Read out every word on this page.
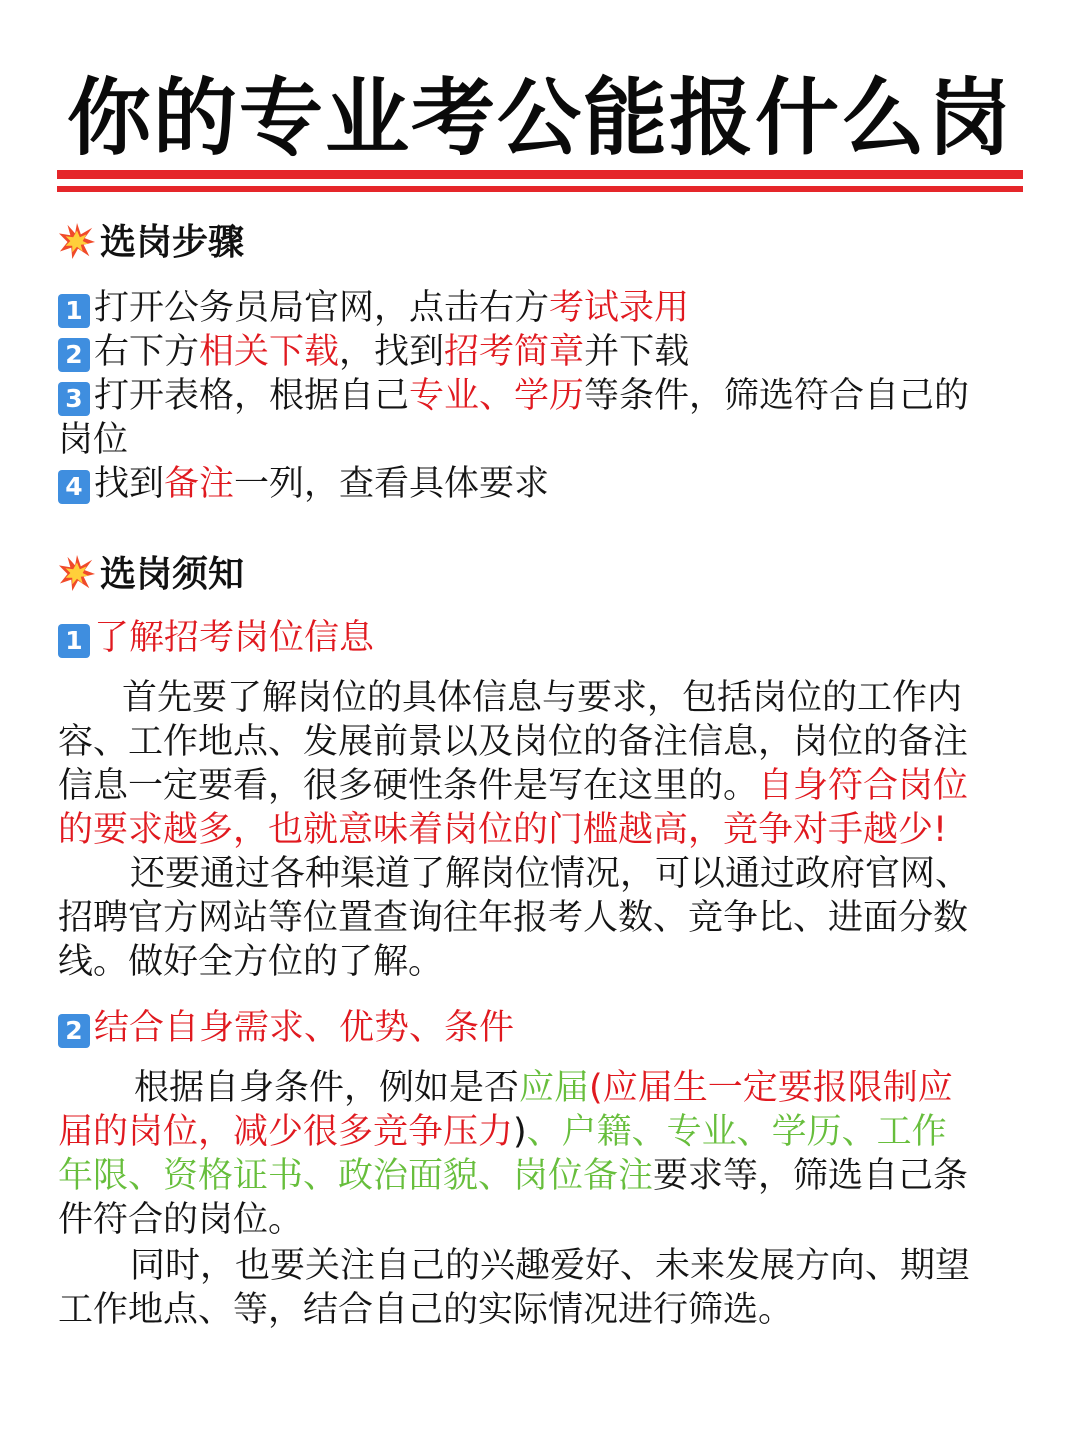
你的专业考公能报什么岗
选岗步骤
1 打开公务员局官网，点击右方考试录用
2 右下方相关下载，找到招考简章并下载
3 打开表格，根据自己专业、学历等条件，筛选符合自己的
岗位
4 找到备注一列，查看具体要求
选岗须知
1 了解招考岗位信息
首先要了解岗位的具体信息与要求，包括岗位的工作内
容、工作地点、发展前景以及岗位的备注信息，岗位的备注
信息一定要看，很多硬性条件是写在这里的。自身符合岗位
的要求越多，也就意味着岗位的门槛越高，竞争对手越少!
还要通过各种渠道了解岗位情况，可以通过政府官网、
招聘官方网站等位置查询往年报考人数、竞争比、进面分数
线。做好全方位的了解。
2 结合自身需求、优势、条件
根据自身条件，例如是否应届(应届生一定要报限制应
届的岗位，减少很多竞争压力)、户籍、专业、学历、工作
年限、资格证书、政治面貌、岗位备注要求等，筛选自己条
件符合的岗位。
同时，也要关注自己的兴趣爱好、未来发展方向、期望
工作地点、等，结合自己的实际情况进行筛选。
